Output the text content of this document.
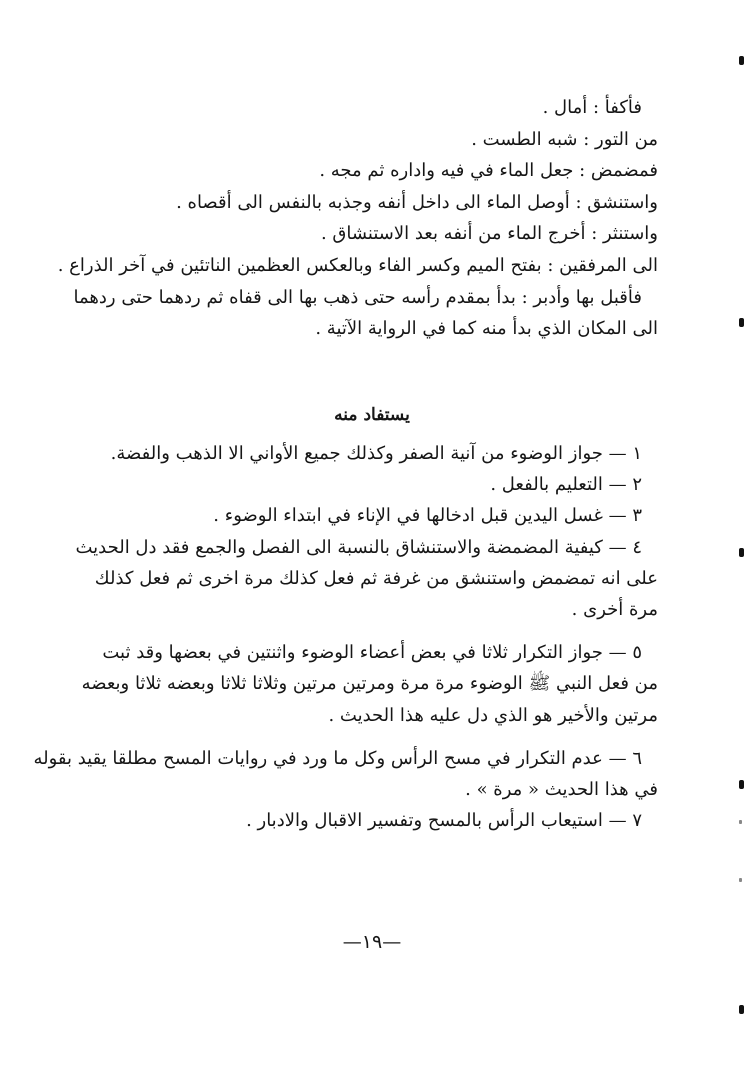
فأكفأ : أمال .
من التور : شبه الطست .
فمضمض : جعل الماء في فيه واداره ثم مجه .
واستنشق : أوصل الماء الى داخل أنفه وجذبه بالنفس الى أقصاه .
واستنثر : أخرج الماء من أنفه بعد الاستنشاق .
الى المرفقين : بفتح الميم وكسر الفاء وبالعكس العظمين الناتئين في آخر الذراع .
فأقبل بها وأدبر : بدأ بمقدم رأسه حتى ذهب بها الى قفاه ثم ردهما حتى ردهما
الى المكان الذي بدأ منه كما في الرواية الآتية .
يستفاد منه
١ — جواز الوضوء من آنية الصفر وكذلك جميع الأواني الا الذهب والفضة.
٢ — التعليم بالفعل .
٣ — غسل اليدين قبل ادخالها في الإناء في ابتداء الوضوء .
٤ — كيفية المضمضة والاستنشاق بالنسبة الى الفصل والجمع فقد دل الحديث
على انه تمضمض واستنشق من غرفة ثم فعل كذلك مرة اخرى ثم فعل كذلك
مرة أخرى .
٥ — جواز التكرار ثلاثا في بعض أعضاء الوضوء واثنتين في بعضها وقد ثبت
من فعل النبي ﷺ الوضوء مرة مرة ومرتين مرتين وثلاثا ثلاثا وبعضه ثلاثا وبعضه
مرتين والأخير هو الذي دل عليه هذا الحديث .
٦ — عدم التكرار في مسح الرأس وكل ما ورد في روايات المسح مطلقا يقيد بقوله
في هذا الحديث « مرة » .
٧ — استيعاب الرأس بالمسح وتفسير الاقبال والادبار .
—١٩—
